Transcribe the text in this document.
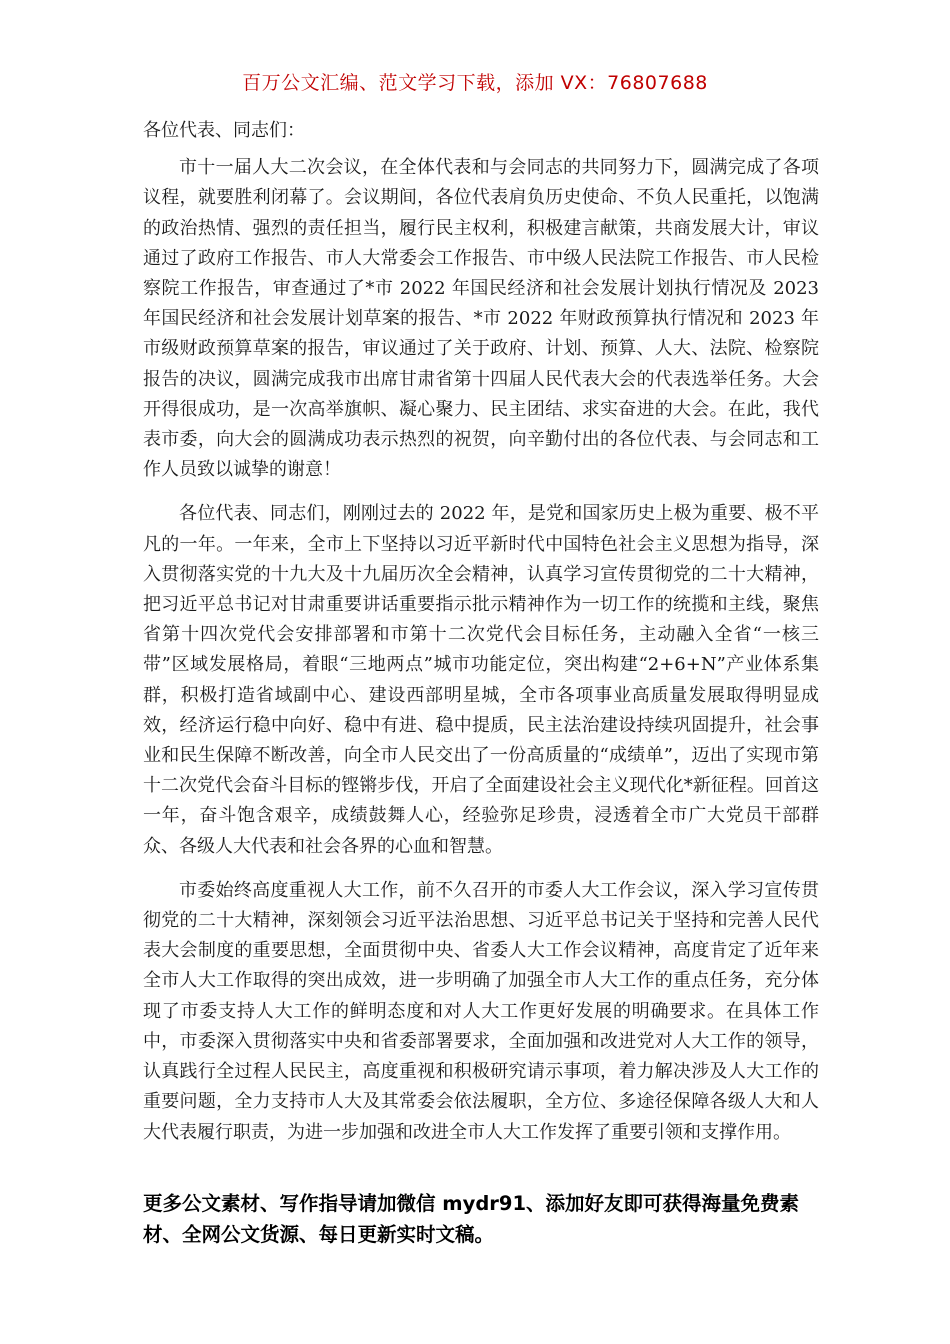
百万公文汇编、范文学习下载，添加 VX：76807688

各位代表、同志们：

市十一届人大二次会议，在全体代表和与会同志的共同努力下，圆满完成了各项议程，就要胜利闭幕了。会议期间，各位代表肩负历史使命、不负人民重托，以饱满的政治热情、强烈的责任担当，履行民主权利，积极建言献策，共商发展大计，审议通过了政府工作报告、市人大常委会工作报告、市中级人民法院工作报告、市人民检察院工作报告，审查通过了*市 2022 年国民经济和社会发展计划执行情况及 2023 年国民经济和社会发展计划草案的报告、*市 2022 年财政预算执行情况和 2023 年市级财政预算草案的报告，审议通过了关于政府、计划、预算、人大、法院、检察院报告的决议，圆满完成我市出席甘肃省第十四届人民代表大会的代表选举任务。大会开得很成功，是一次高举旗帜、凝心聚力、民主团结、求实奋进的大会。在此，我代表市委，向大会的圆满成功表示热烈的祝贺，向辛勤付出的各位代表、与会同志和工作人员致以诚挚的谢意！

各位代表、同志们，刚刚过去的 2022 年，是党和国家历史上极为重要、极不平凡的一年。一年来，全市上下坚持以习近平新时代中国特色社会主义思想为指导，深入贯彻落实党的十九大及十九届历次全会精神，认真学习宣传贯彻党的二十大精神，把习近平总书记对甘肃重要讲话重要指示批示精神作为一切工作的统揽和主线，聚焦省第十四次党代会安排部署和市第十二次党代会目标任务，主动融入全省“一核三带”区域发展格局，着眼“三地两点”城市功能定位，突出构建“2+6+N”产业体系集群，积极打造省域副中心、建设西部明星城，全市各项事业高质量发展取得明显成效，经济运行稳中向好、稳中有进、稳中提质，民主法治建设持续巩固提升，社会事业和民生保障不断改善，向全市人民交出了一份高质量的“成绩单”，迈出了实现市第十二次党代会奋斗目标的铿锵步伐，开启了全面建设社会主义现代化*新征程。回首这一年，奋斗饱含艰辛，成绩鼓舞人心，经验弥足珍贵，浸透着全市广大党员干部群众、各级人大代表和社会各界的心血和智慧。

市委始终高度重视人大工作，前不久召开的市委人大工作会议，深入学习宣传贯彻党的二十大精神，深刻领会习近平法治思想、习近平总书记关于坚持和完善人民代表大会制度的重要思想，全面贯彻中央、省委人大工作会议精神，高度肯定了近年来全市人大工作取得的突出成效，进一步明确了加强全市人大工作的重点任务，充分体现了市委支持人大工作的鲜明态度和对人大工作更好发展的明确要求。在具体工作中，市委深入贯彻落实中央和省委部署要求，全面加强和改进党对人大工作的领导，认真践行全过程人民民主，高度重视和积极研究请示事项，着力解决涉及人大工作的重要问题，全力支持市人大及其常委会依法履职，全方位、多途径保障各级人大和人大代表履行职责，为进一步加强和改进全市人大工作发挥了重要引领和支撑作用。

更多公文素材、写作指导请加微信 mydr91、添加好友即可获得海量免费素材、全网公文货源、每日更新实时文稿。
